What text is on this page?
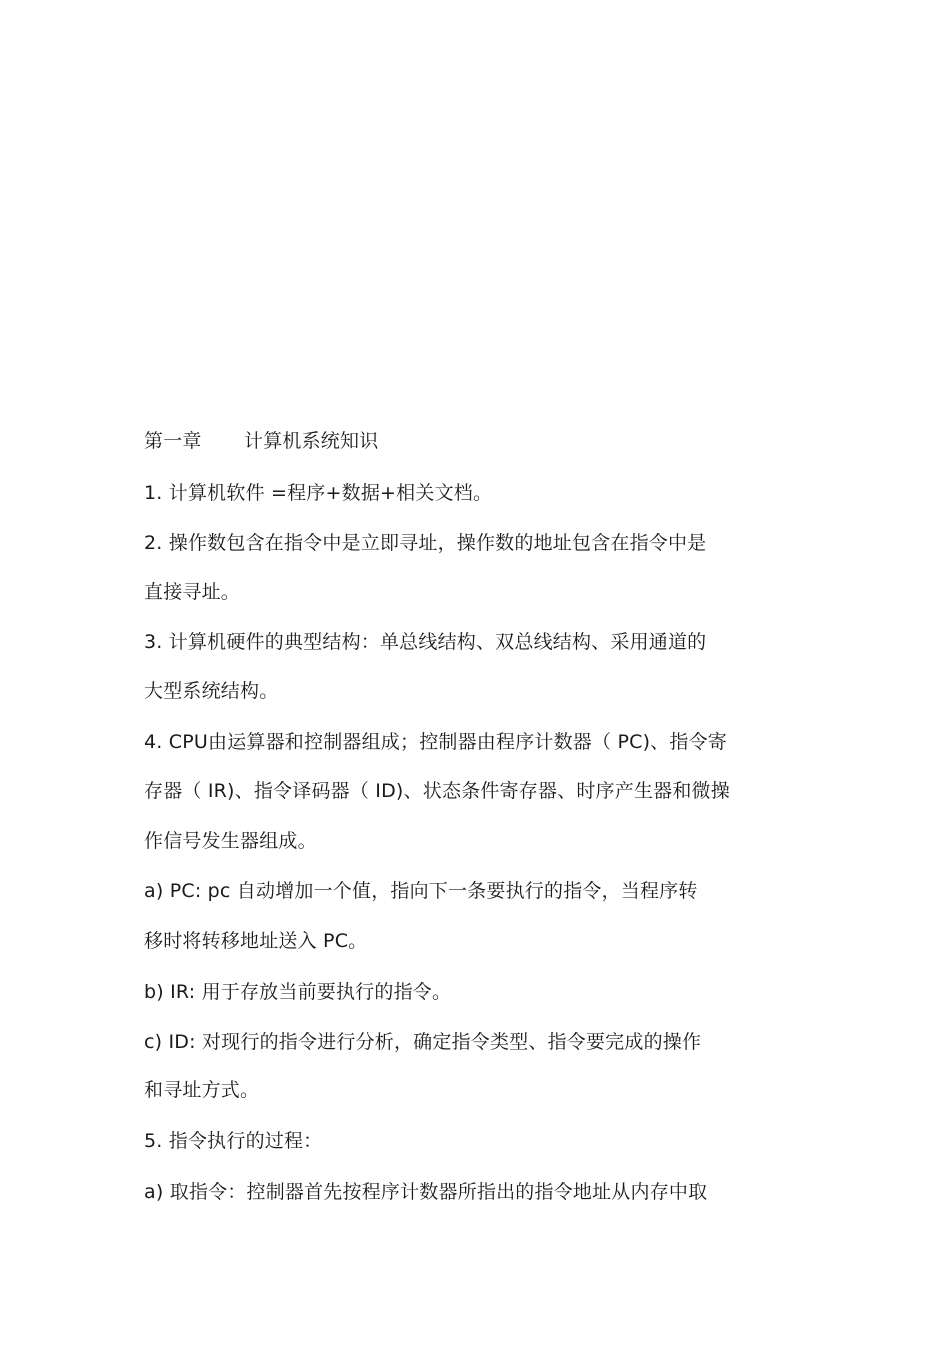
第一章 计算机系统知识
1. 计算机软件 =程序+数据+相关文档。
2. 操作数包含在指令中是立即寻址，操作数的地址包含在指令中是
直接寻址。
3. 计算机硬件的典型结构：单总线结构、双总线结构、采用通道的
大型系统结构。
4. CPU由运算器和控制器组成；控制器由程序计数器（ PC)、指令寄
存器（ IR)、指令译码器（ ID)、状态条件寄存器、时序产生器和微操
作信号发生器组成。
a) PC: pc 自动增加一个值，指向下一条要执行的指令，当程序转
移时将转移地址送入 PC。
b) IR: 用于存放当前要执行的指令。
c) ID: 对现行的指令进行分析，确定指令类型、指令要完成的操作
和寻址方式。
5. 指令执行的过程：
a) 取指令：控制器首先按程序计数器所指出的指令地址从内存中取
